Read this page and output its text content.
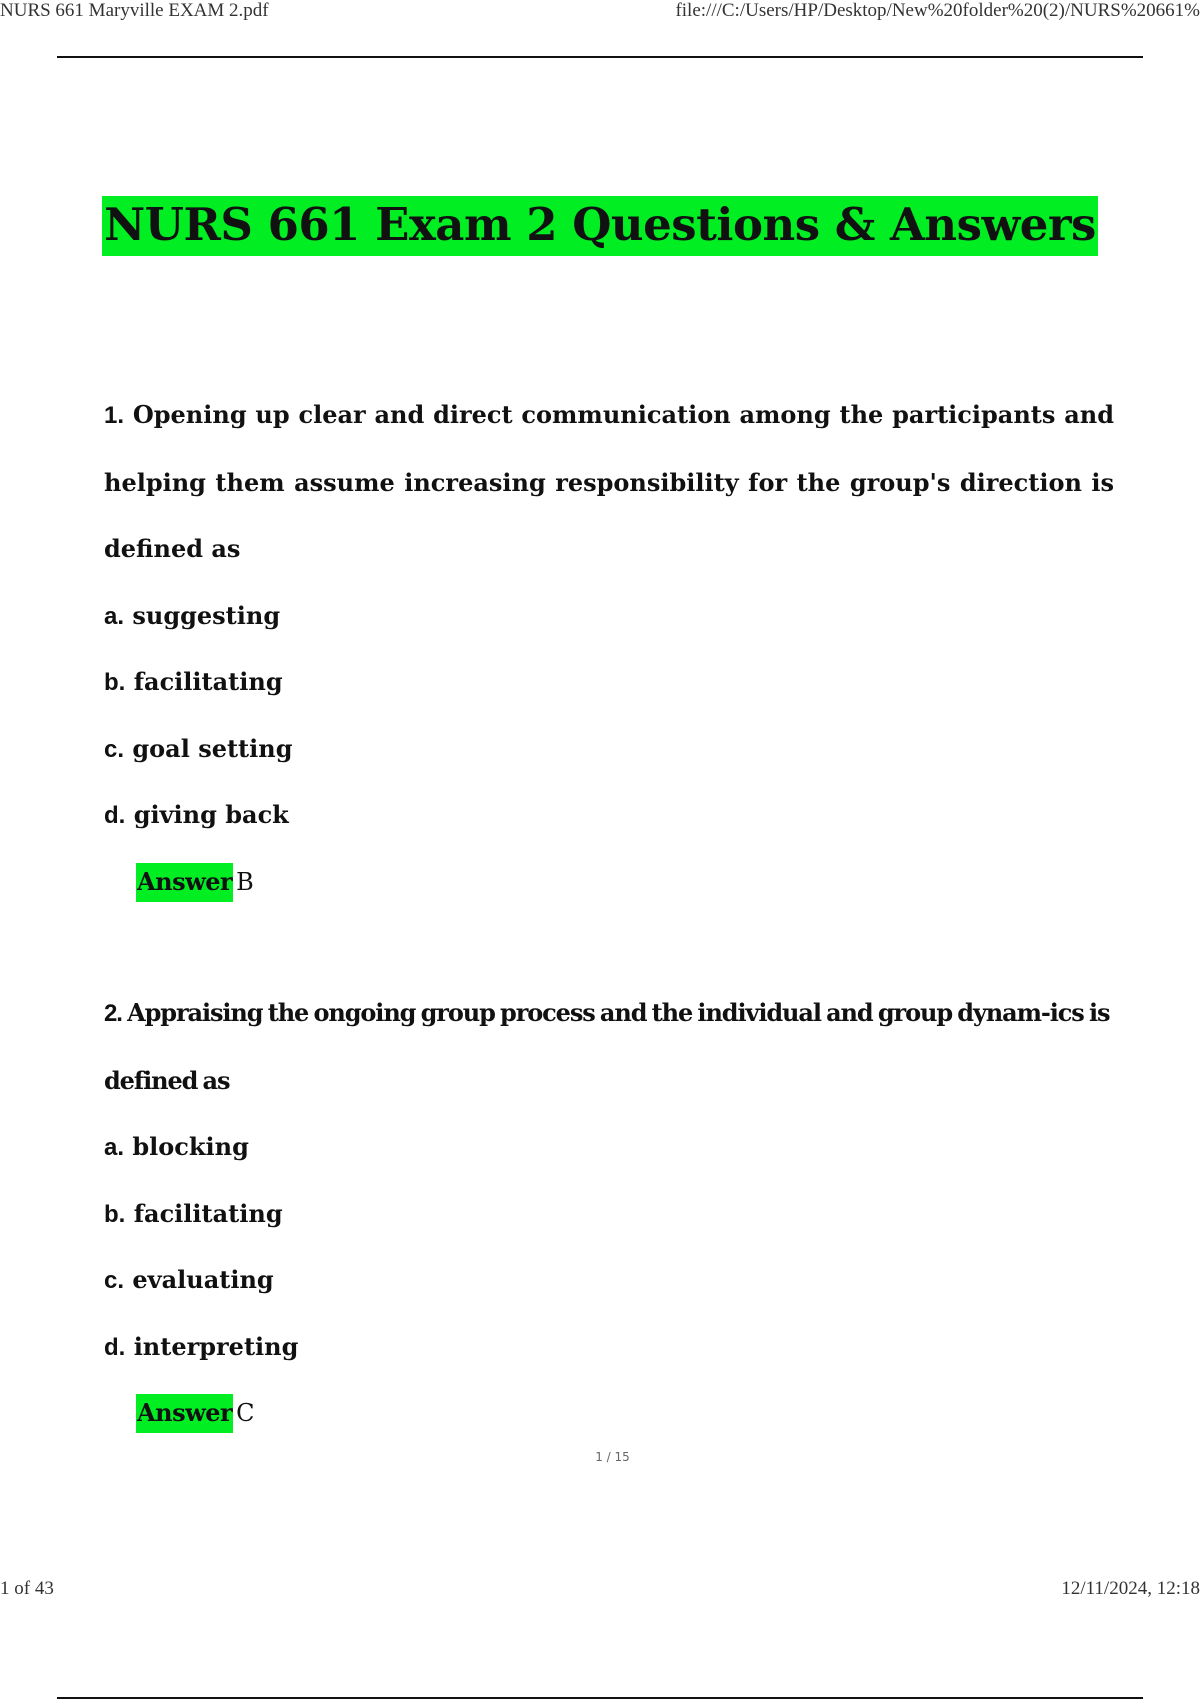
NURS 661 Maryville EXAM 2.pdf	file:///C:/Users/HP/Desktop/New%20folder%20(2)/NURS%20661%
NURS 661 Exam 2 Questions & Answers
1. Opening up clear and direct communication among the participants and helping them assume increasing responsibility for the group's direction is defined as
a. suggesting
b. facilitating
c. goal setting
d. giving back
Answer B
2. Appraising the ongoing group process and the individual and group dynam-ics is defined as
a. blocking
b. facilitating
c. evaluating
d. interpreting
Answer C
1 / 15
1 of 43	12/11/2024, 12:18
